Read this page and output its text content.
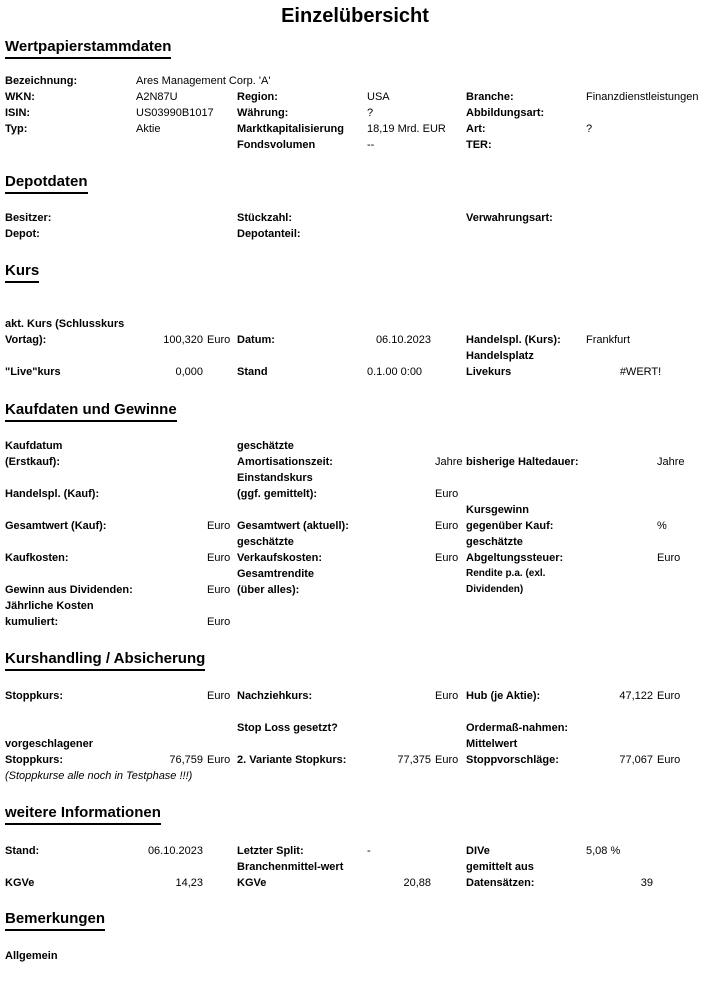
Einzelübersicht
Wertpapierstammdaten
Bezeichnung:	Ares Management Corp. 'A'
WKN:	A2N87U	Region:	USA	Branche:	Finanzdienstleistungen
ISIN:	US03990B1017	Währung:	?	Abbildungsart:
Typ:	Aktie	Marktkapitalisierung	18,19 Mrd. EUR	Art:	?
Fondsvolumen	--	TER:
Depotdaten
Besitzer:	Stückzahl:	Verwahrungsart:
Depot:	Depotanteil:
Kurs
akt. Kurs (Schlusskurs
Vortag):	100,320 Euro Datum:	06.10.2023	Handelspl. (Kurs):	Frankfurt
Handelsplatz
"Live"kurs	0,000	Stand	0.1.00 0:00	Livekurs	#WERT!
Kaufdaten und Gewinne
Kaufdatum	geschätzte
(Erstkauf):	Amortisationszeit:	Jahre bisherige Haltedauer:	Jahre
Einstandskurs
Handelspl. (Kauf):	(ggf. gemittelt):	Euro
Kursgewinn
Gesamtwert (Kauf):	Euro Gesamtwert (aktuell):	Euro gegenüber Kauf:	%
geschätzte	geschätzte
Kaufkosten:	Euro Verkaufskosten:	Euro Abgeltungssteuer:	Euro
Gesamtrendite	Rendite p.a. (exl.
Gewinn aus Dividenden:	Euro (über alles):	Dividenden)
Jährliche Kosten
kumuliert:	Euro
Kurshandling / Absicherung
Stoppkurs:	Euro Nachziehkurs:	Euro Hub (je Aktie):	47,122 Euro
Stop Loss gesetzt?	Ordermaß-nahmen:
vorgeschlagener	Mittelwert
Stoppkurs:	76,759 Euro 2. Variante Stopkurs:	77,375 Euro Stoppvorschläge:	77,067 Euro
(Stoppkurse alle noch in Testphase !!!)
weitere Informationen
Stand:	06.10.2023	Letzter Split:	-	DIVe	5,08 %
Branchenmittel-wert	gemittelt aus
KGVe	14,23	KGVe	20,88	Datensätzen:	39
Bemerkungen
Allgemein
